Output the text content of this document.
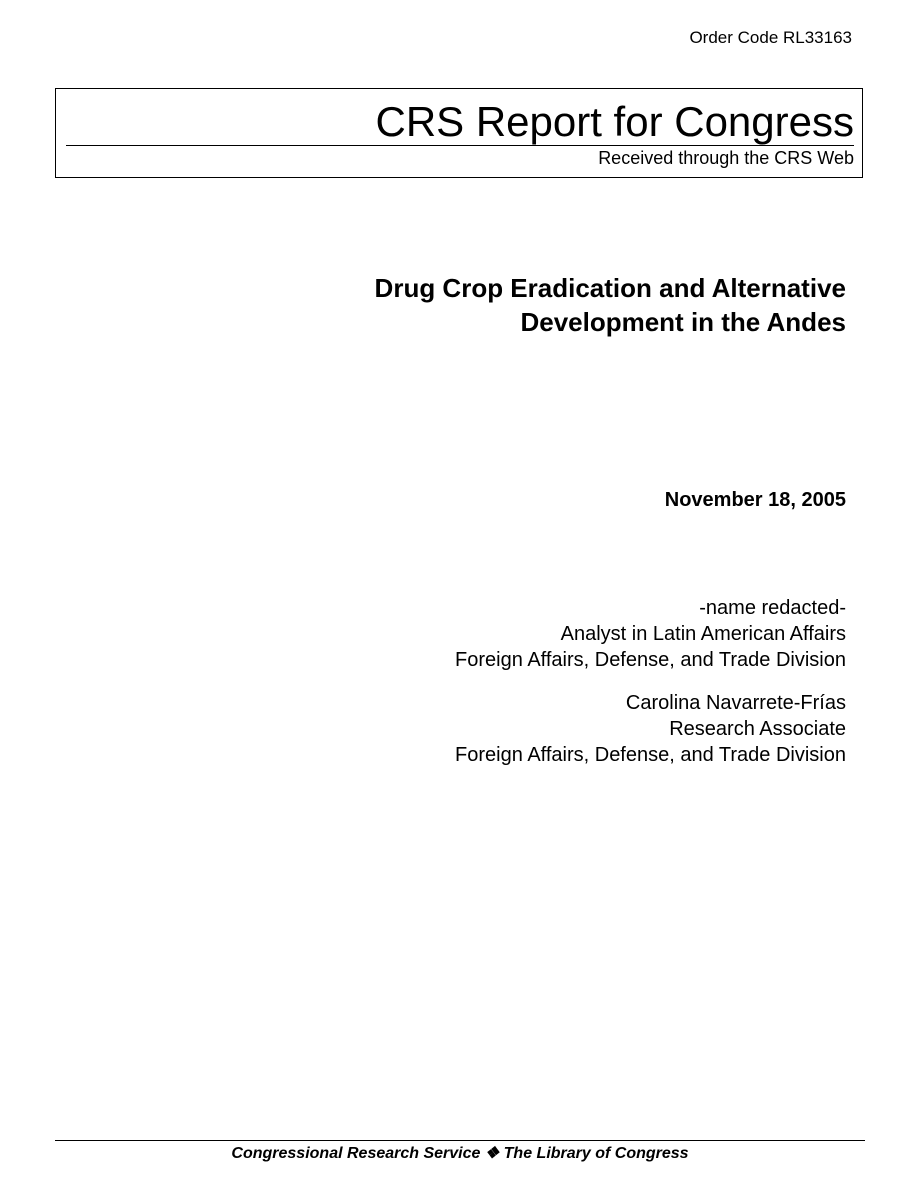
Order Code RL33163
CRS Report for Congress
Received through the CRS Web
Drug Crop Eradication and Alternative
Development in the Andes
November 18, 2005
-name redacted-
Analyst in Latin American Affairs
Foreign Affairs, Defense, and Trade Division
Carolina Navarrete-Frías
Research Associate
Foreign Affairs, Defense, and Trade Division
Congressional Research Service ❖ The Library of Congress
